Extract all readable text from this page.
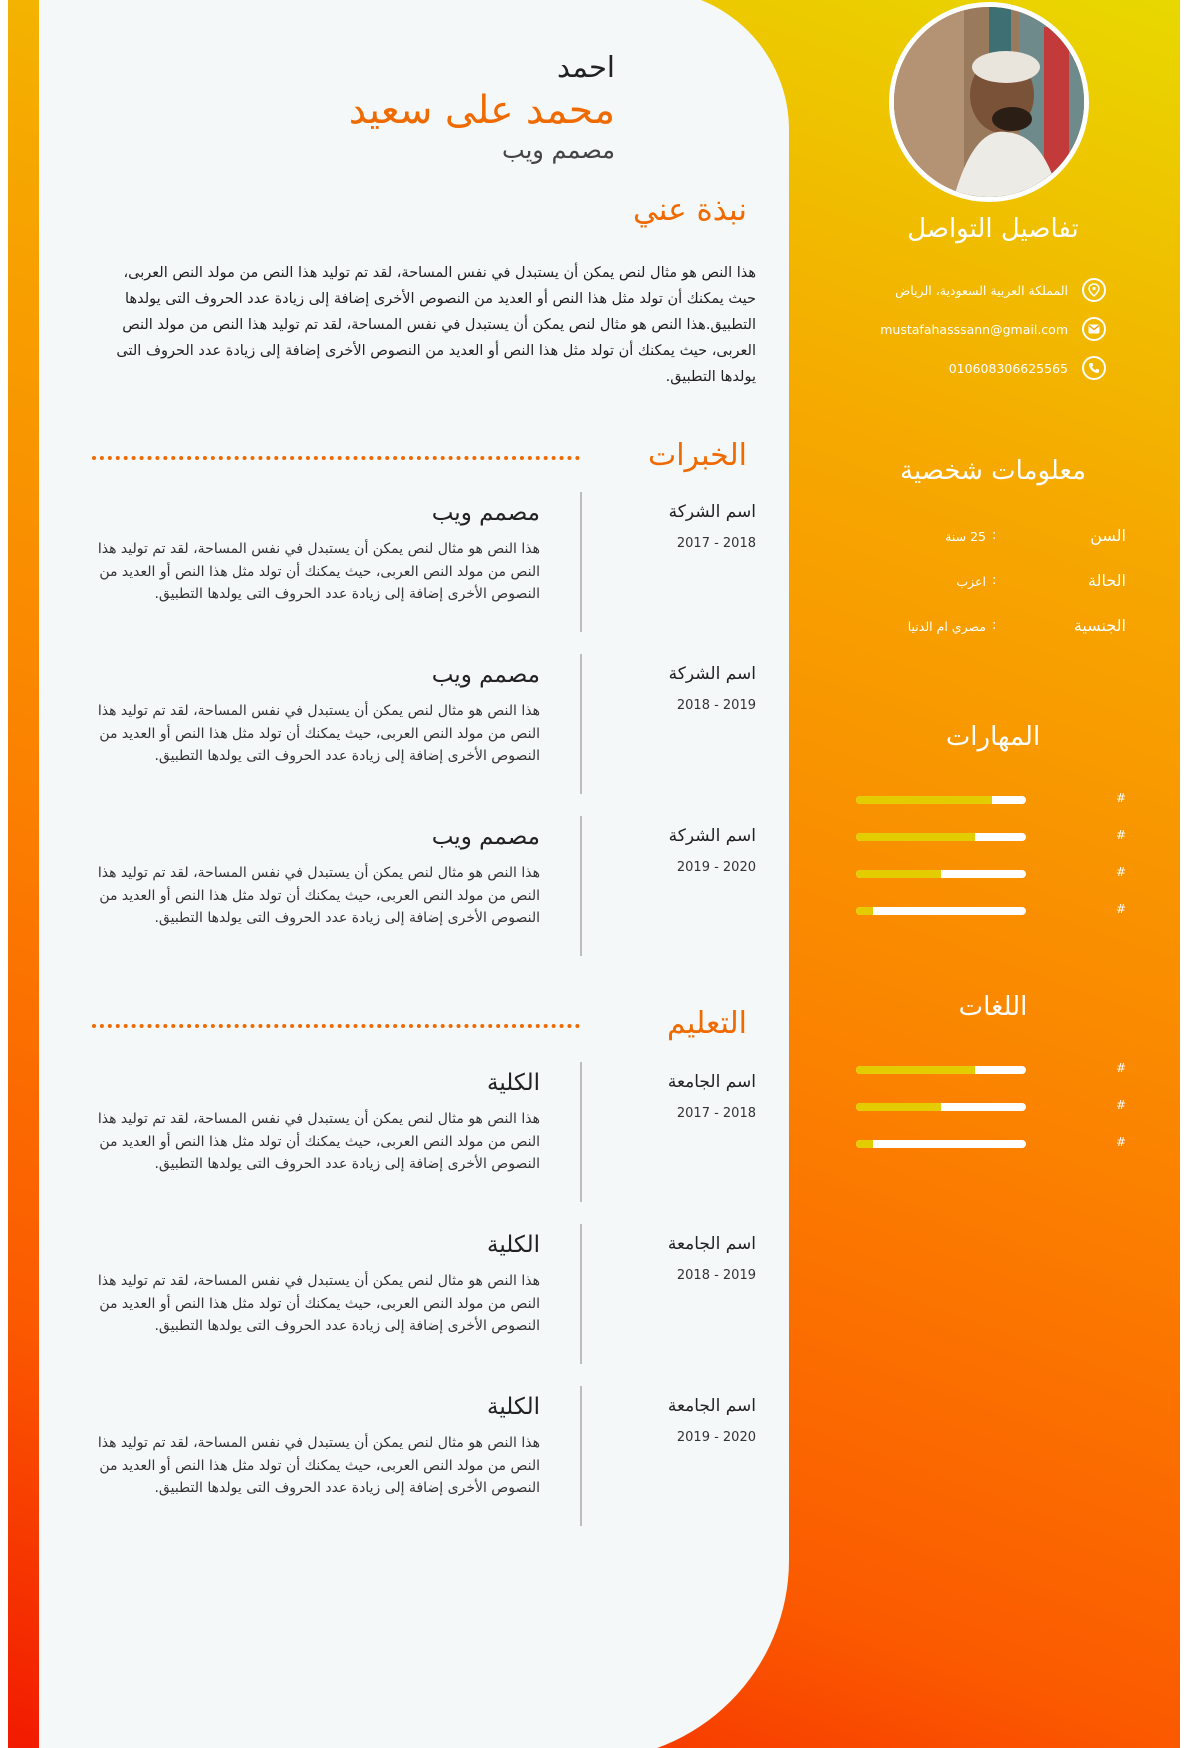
احمد
محمد على سعيد
مصمم ويب
نبذة عني
هذا النص هو مثال لنص يمكن أن يستبدل في نفس المساحة، لقد تم توليد هذا النص من مولد النص العربى، حيث يمكنك أن تولد مثل هذا النص أو العديد من النصوص الأخرى إضافة إلى زيادة عدد الحروف التى يولدها التطبيق.هذا النص هو مثال لنص يمكن أن يستبدل في نفس المساحة، لقد تم توليد هذا النص من مولد النص العربى، حيث يمكنك أن تولد مثل هذا النص أو العديد من النصوص الأخرى إضافة إلى زيادة عدد الحروف التى يولدها التطبيق.
الخبرات
اسم الشركة
2017 - 2018
مصمم ويب
هذا النص هو مثال لنص يمكن أن يستبدل في نفس المساحة، لقد تم توليد هذا النص من مولد النص العربى، حيث يمكنك أن تولد مثل هذا النص أو العديد من النصوص الأخرى إضافة إلى زيادة عدد الحروف التى يولدها التطبيق.
اسم الشركة
2018 - 2019
مصمم ويب
هذا النص هو مثال لنص يمكن أن يستبدل في نفس المساحة، لقد تم توليد هذا النص من مولد النص العربى، حيث يمكنك أن تولد مثل هذا النص أو العديد من النصوص الأخرى إضافة إلى زيادة عدد الحروف التى يولدها التطبيق.
اسم الشركة
2019 - 2020
مصمم ويب
هذا النص هو مثال لنص يمكن أن يستبدل في نفس المساحة، لقد تم توليد هذا النص من مولد النص العربى، حيث يمكنك أن تولد مثل هذا النص أو العديد من النصوص الأخرى إضافة إلى زيادة عدد الحروف التى يولدها التطبيق.
التعليم
اسم الجامعة
2017 - 2018
الكلية
هذا النص هو مثال لنص يمكن أن يستبدل في نفس المساحة، لقد تم توليد هذا النص من مولد النص العربى، حيث يمكنك أن تولد مثل هذا النص أو العديد من النصوص الأخرى إضافة إلى زيادة عدد الحروف التى يولدها التطبيق.
اسم الجامعة
2018 - 2019
الكلية
هذا النص هو مثال لنص يمكن أن يستبدل في نفس المساحة، لقد تم توليد هذا النص من مولد النص العربى، حيث يمكنك أن تولد مثل هذا النص أو العديد من النصوص الأخرى إضافة إلى زيادة عدد الحروف التى يولدها التطبيق.
اسم الجامعة
2019 - 2020
الكلية
هذا النص هو مثال لنص يمكن أن يستبدل في نفس المساحة، لقد تم توليد هذا النص من مولد النص العربى، حيث يمكنك أن تولد مثل هذا النص أو العديد من النصوص الأخرى إضافة إلى زيادة عدد الحروف التى يولدها التطبيق.
تفاصيل التواصل
المملكة العربية السعودية، الرياض
mustafahasssann@gmail.com
010608306625565
معلومات شخصية
السن
:
25 سنة
الحالة
:
اعزب
الجنسية
:
مصري ام الدنيا
المهارات
#
#
#
#
اللغات
#
#
#
